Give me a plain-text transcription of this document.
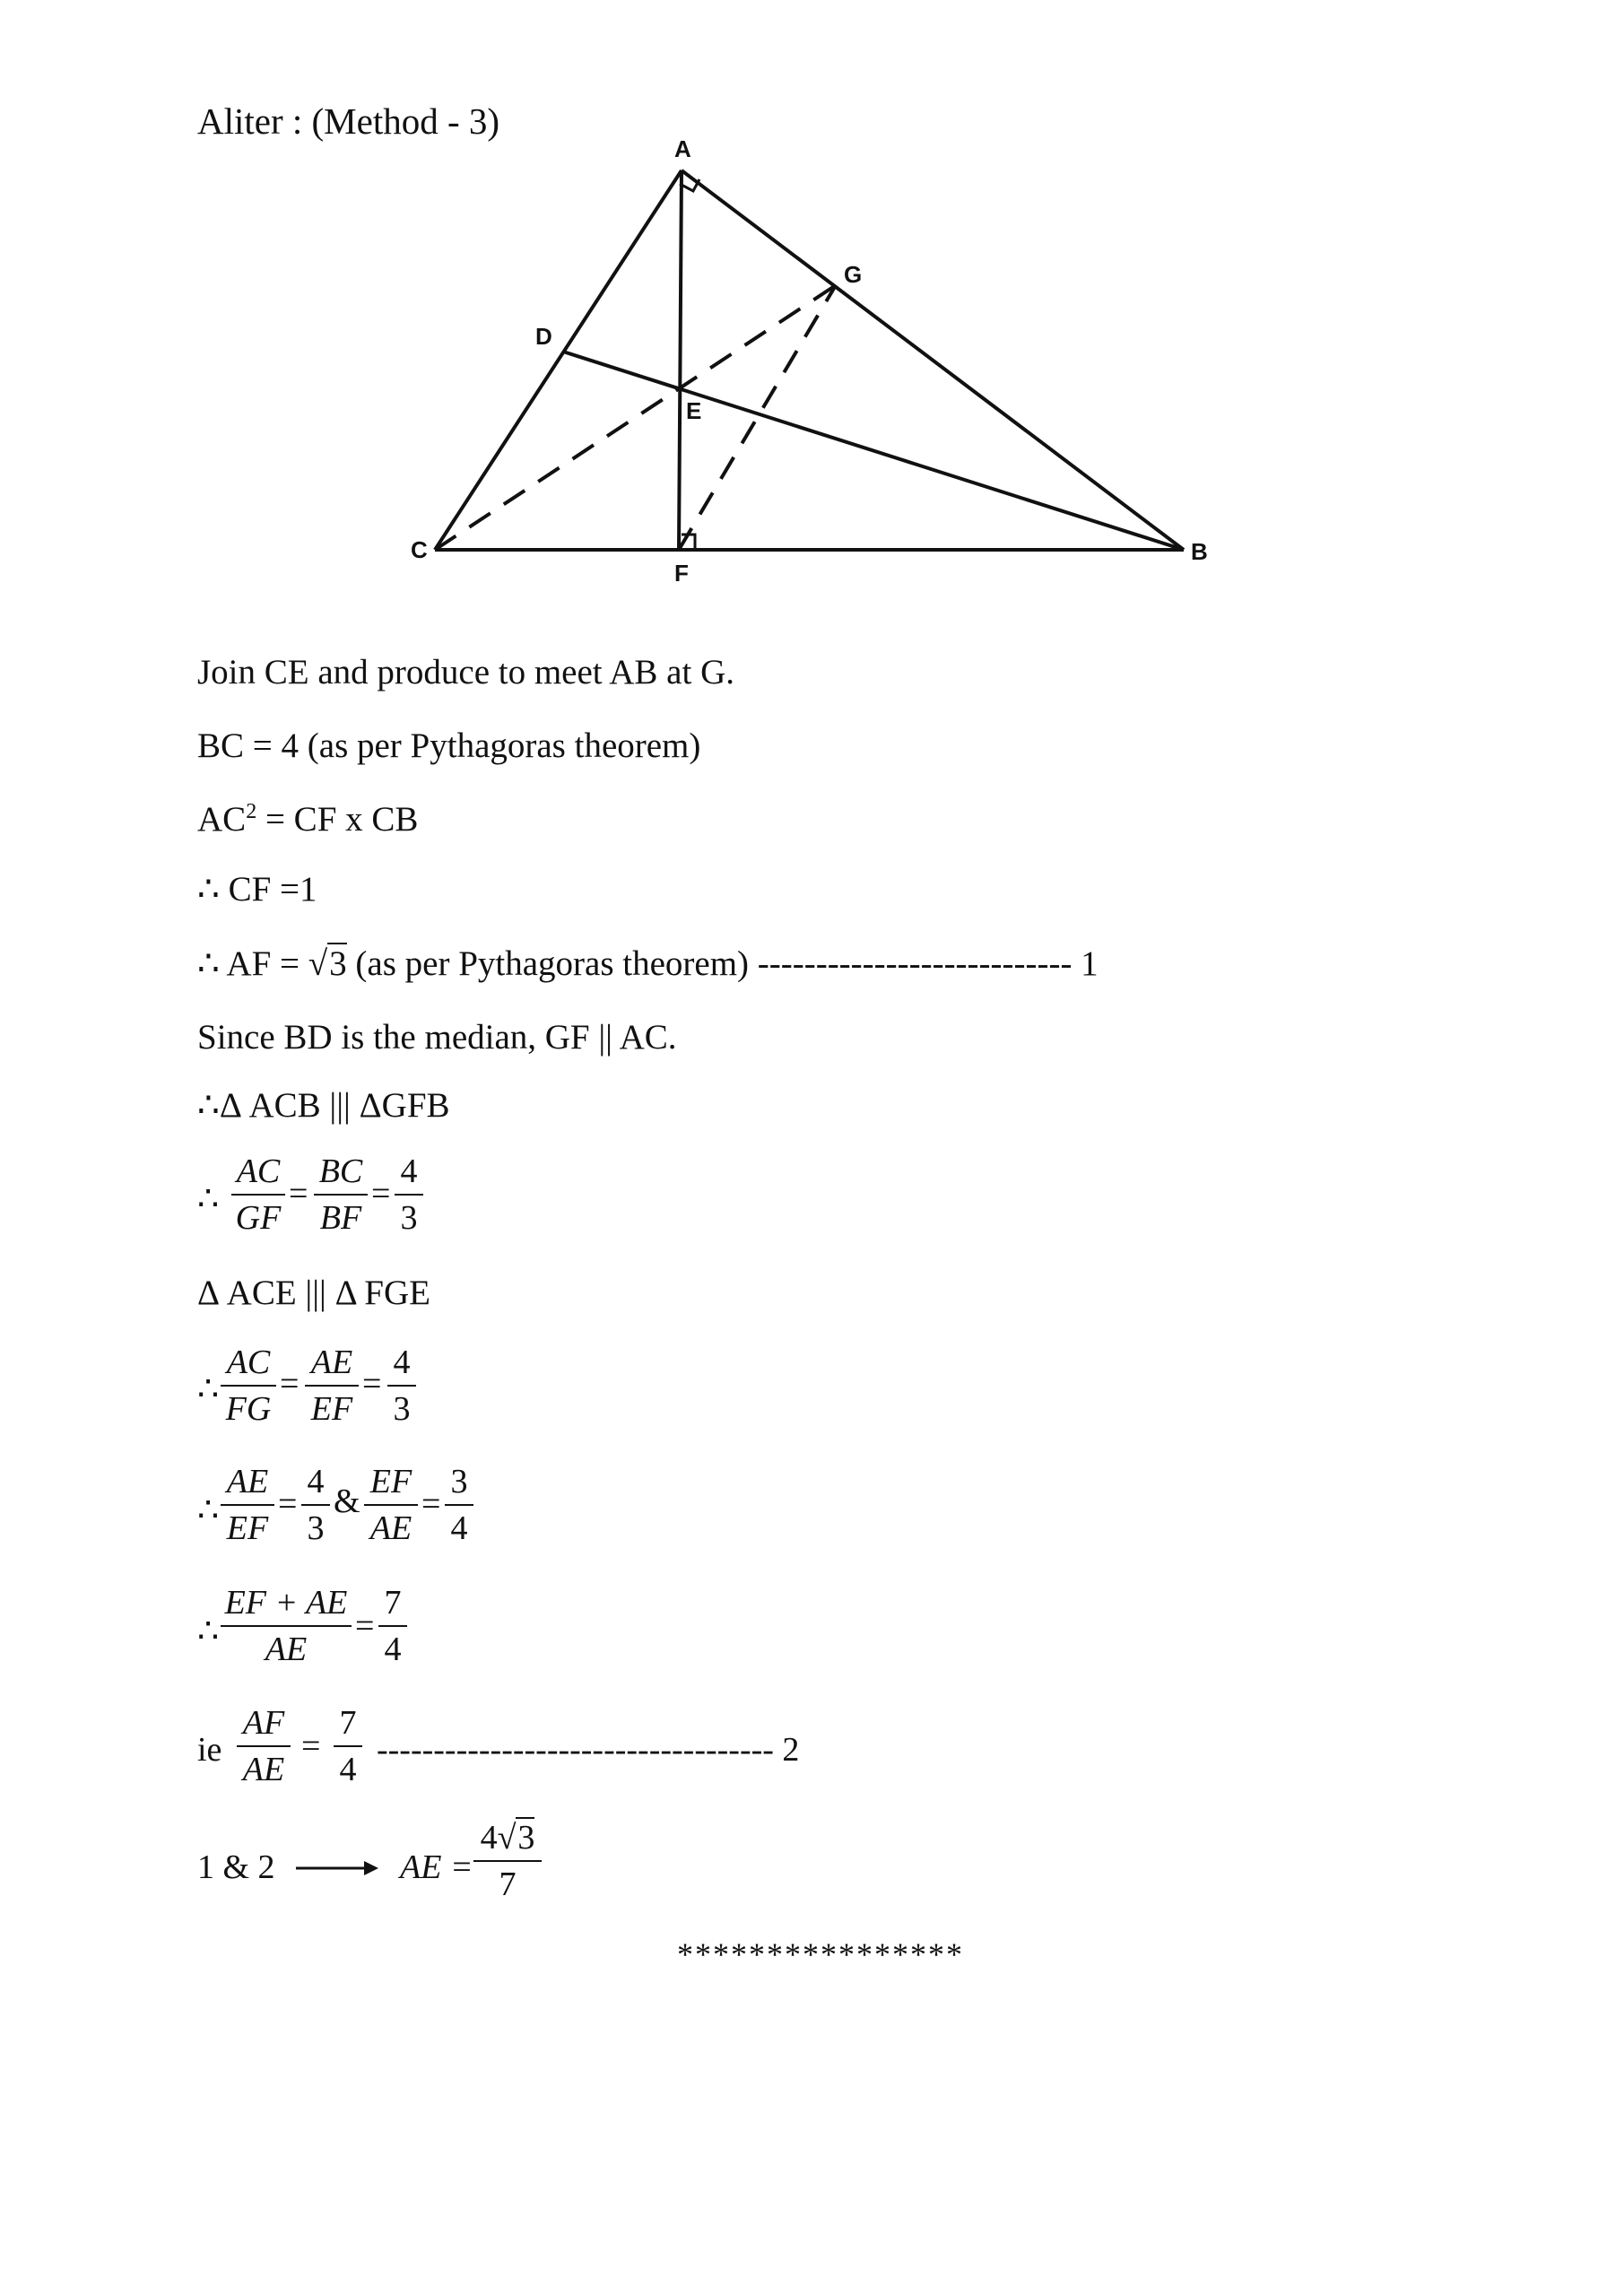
Aliter : (Method - 3)
A
B
C
D
E
F
G
Join CE and produce to meet AB at G.
BC = 4 (as per Pythagoras theorem)
$AC^2$ = CF x CB
∴ CF =1
∴ AF = √3 (as per Pythagoras theorem) --------------------------- 1
Since BD is the median, GF || AC.
∴Δ ACB ||| ΔGFB
∴ $\frac{AC}{GF} = \frac{BC}{BF} = \frac{4}{3}$
Δ ACE ||| Δ FGE
∴ $\frac{AC}{FG} = \frac{AE}{EF} = \frac{4}{3}$
∴ $\frac{AE}{EF} = \frac{4}{3}$ & $\frac{EF}{AE} = \frac{3}{4}$
∴ $\frac{EF + AE}{AE} = \frac{7}{4}$
ie $\frac{AF}{AE} = \frac{7}{4}$ ----------------------------------- 2
1 & 2	AE = $\frac{4√3}{7}$
****************
